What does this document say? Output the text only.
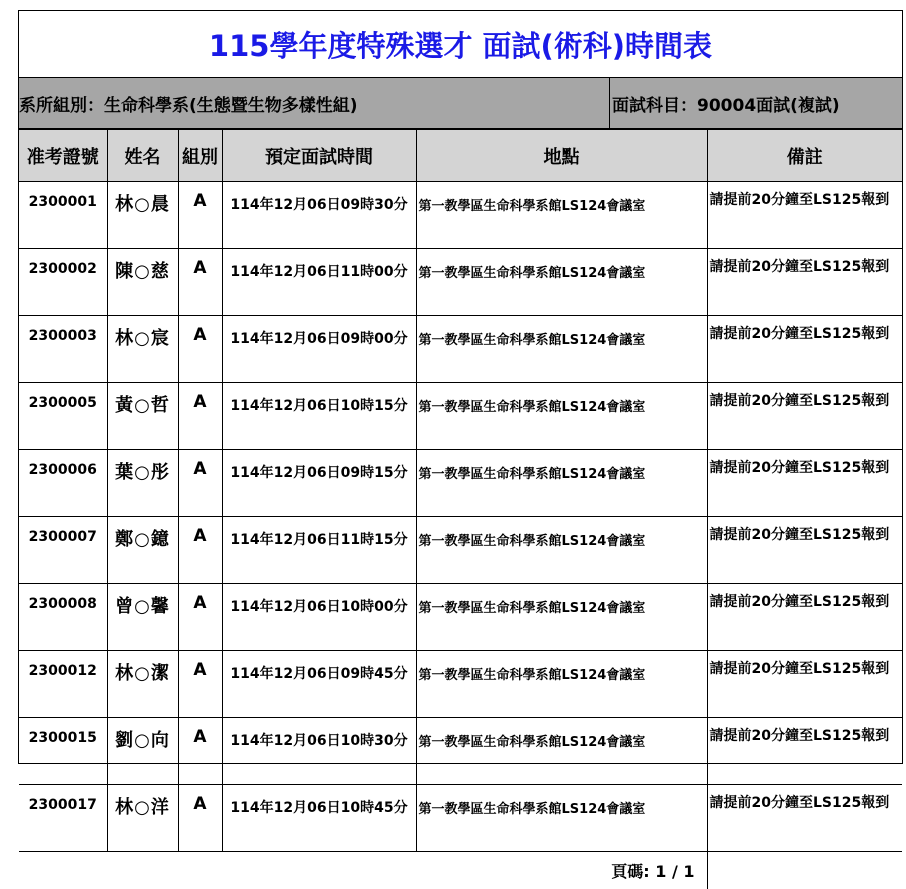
115學年度特殊選才 面試(術科)時間表
系所組別：生命科學系(生態暨生物多樣性組)	面試科目：90004面試(複試)
准考證號	姓名	組別	預定面試時間	地點	備註
2300001	林○晨	A	114年12月06日09時30分	第一教學區生命科學系館LS124會議室	請提前20分鐘至LS125報到
2300002	陳○慈	A	114年12月06日11時00分	第一教學區生命科學系館LS124會議室	請提前20分鐘至LS125報到
2300003	林○宸	A	114年12月06日09時00分	第一教學區生命科學系館LS124會議室	請提前20分鐘至LS125報到
2300005	黃○哲	A	114年12月06日10時15分	第一教學區生命科學系館LS124會議室	請提前20分鐘至LS125報到
2300006	葉○彤	A	114年12月06日09時15分	第一教學區生命科學系館LS124會議室	請提前20分鐘至LS125報到
2300007	鄭○鐿	A	114年12月06日11時15分	第一教學區生命科學系館LS124會議室	請提前20分鐘至LS125報到
2300008	曾○馨	A	114年12月06日10時00分	第一教學區生命科學系館LS124會議室	請提前20分鐘至LS125報到
2300012	林○潔	A	114年12月06日09時45分	第一教學區生命科學系館LS124會議室	請提前20分鐘至LS125報到
2300015	劉○向	A	114年12月06日10時30分	第一教學區生命科學系館LS124會議室	請提前20分鐘至LS125報到
2300017	林○洋	A	114年12月06日10時45分	第一教學區生命科學系館LS124會議室	請提前20分鐘至LS125報到
頁碼: 1 / 1					
